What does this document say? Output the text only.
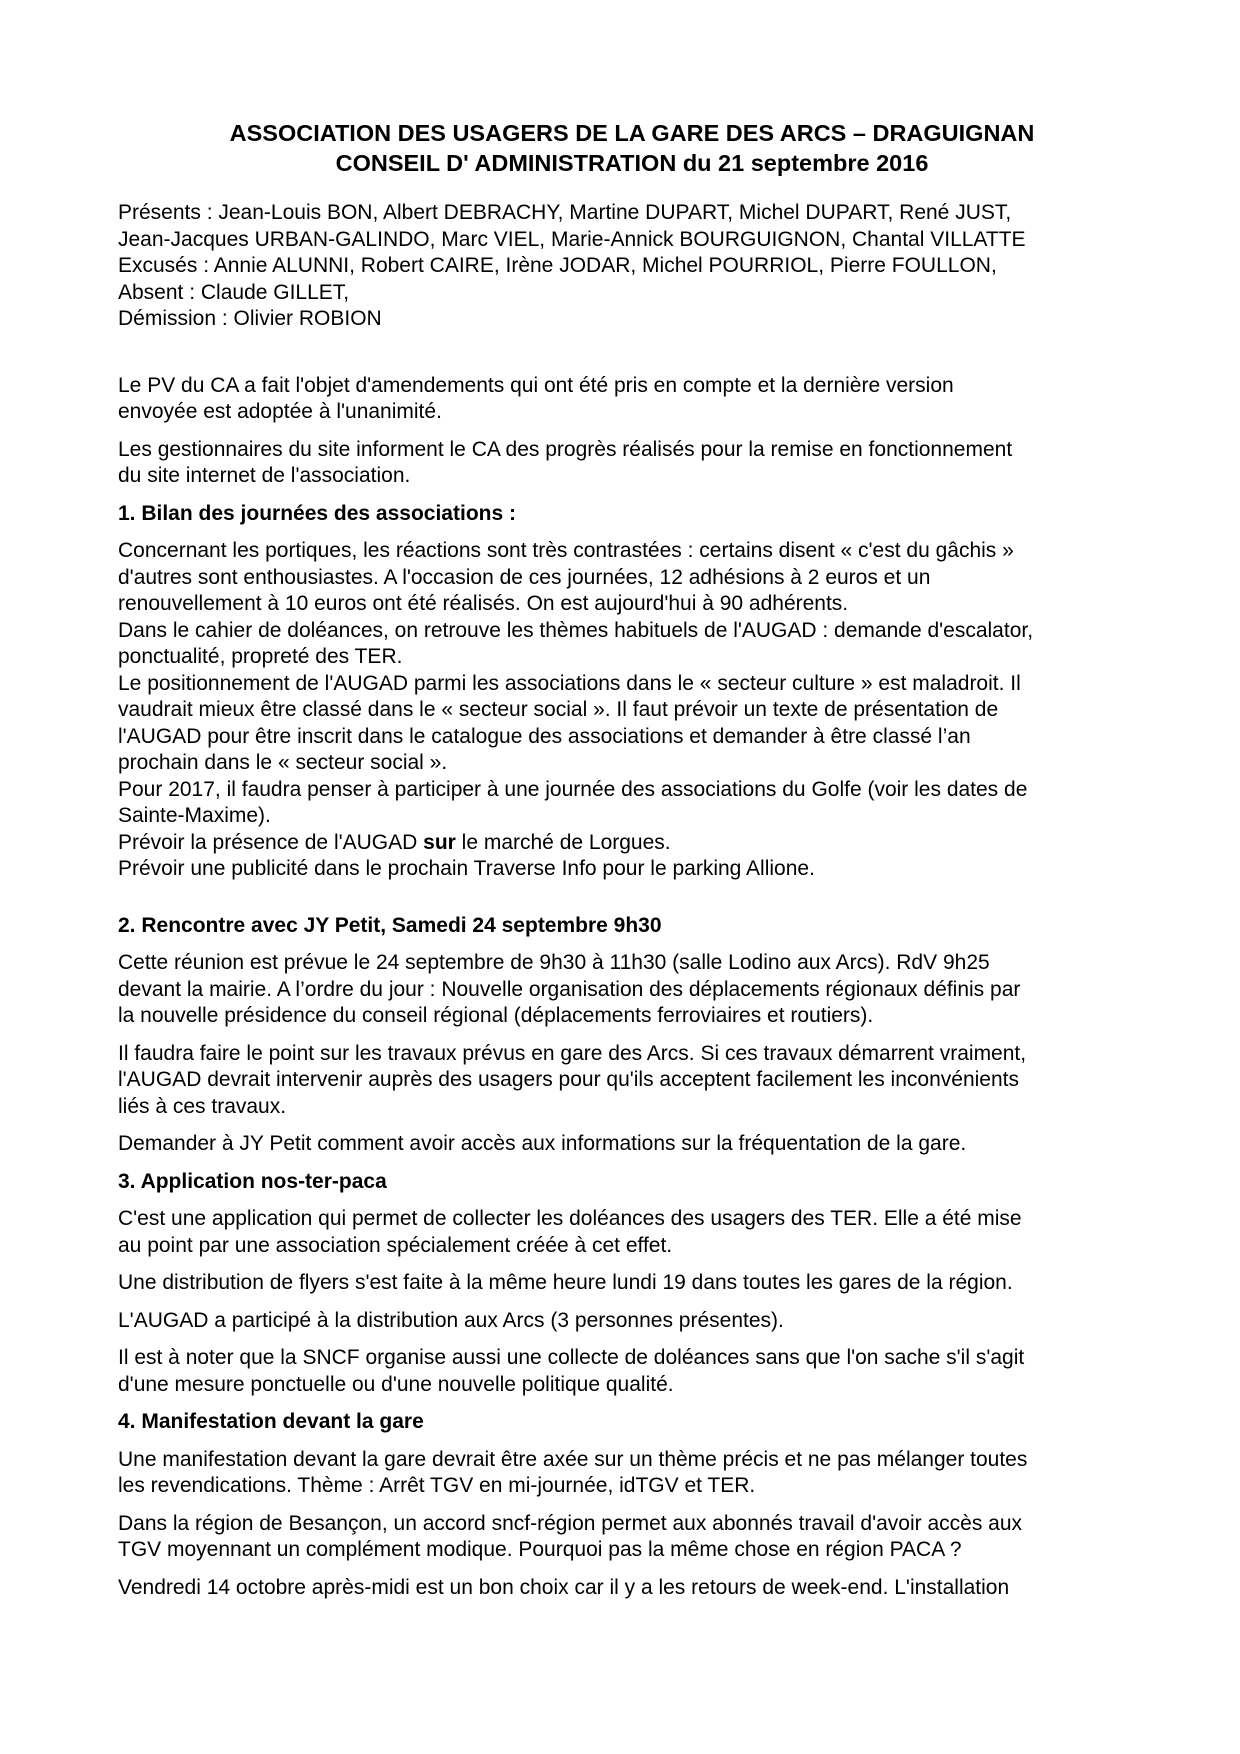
ASSOCIATION DES USAGERS DE LA GARE DES ARCS – DRAGUIGNAN
CONSEIL D' ADMINISTRATION du 21 septembre 2016
Présents : Jean-Louis BON, Albert DEBRACHY, Martine DUPART, Michel DUPART, René JUST,
Jean-Jacques URBAN-GALINDO, Marc VIEL, Marie-Annick BOURGUIGNON, Chantal VILLATTE
Excusés : Annie ALUNNI, Robert CAIRE, Irène JODAR, Michel POURRIOL, Pierre FOULLON,
Absent : Claude GILLET,
Démission : Olivier ROBION
Le PV du CA a fait l'objet d'amendements qui ont été pris en compte et la dernière version
envoyée est adoptée à l'unanimité.
Les gestionnaires du site informent le CA des progrès réalisés pour la remise en fonctionnement
du site internet de l'association.
1. Bilan des journées des associations :
Concernant les portiques, les réactions sont très contrastées : certains disent « c'est du gâchis »
d'autres sont enthousiastes. A l'occasion de ces journées, 12 adhésions à 2 euros et un
renouvellement à 10 euros ont été réalisés. On est aujourd'hui à 90 adhérents.
Dans le cahier de doléances, on retrouve les thèmes habituels de l'AUGAD : demande d'escalator,
ponctualité, propreté des TER.
Le positionnement de l'AUGAD parmi les associations dans le « secteur culture » est maladroit. Il
vaudrait mieux être classé dans le « secteur social ». Il faut prévoir un texte de présentation de
l'AUGAD pour être inscrit dans le catalogue des associations et demander à être classé l’an
prochain dans le « secteur social ».
Pour 2017, il faudra penser à participer à une journée des associations du Golfe (voir les dates de
Sainte-Maxime).
Prévoir la présence de l'AUGAD sur le marché de Lorgues.
Prévoir une publicité dans le prochain Traverse Info pour le parking Allione.
2. Rencontre avec JY Petit, Samedi 24 septembre 9h30
Cette réunion est prévue le 24 septembre de 9h30 à 11h30 (salle Lodino aux Arcs). RdV 9h25
devant la mairie. A l’ordre du jour : Nouvelle organisation des déplacements régionaux définis par
la nouvelle présidence du conseil régional (déplacements ferroviaires et routiers).
Il faudra faire le point sur les travaux prévus en gare des Arcs. Si ces travaux démarrent vraiment,
l'AUGAD devrait intervenir auprès des usagers pour qu'ils acceptent facilement les inconvénients
liés à ces travaux.
Demander à JY Petit comment avoir accès aux informations sur la fréquentation de la gare.
3. Application nos-ter-paca
C'est une application qui permet de collecter les doléances des usagers des TER. Elle a été mise
au point par une association spécialement créée à cet effet.
Une distribution de flyers s'est faite à la même heure lundi 19 dans toutes les gares de la région.
L'AUGAD a participé à la distribution aux Arcs (3 personnes présentes).
Il est à noter que la SNCF organise aussi une collecte de doléances sans que l'on sache s'il s'agit
d'une mesure ponctuelle ou d'une nouvelle politique qualité.
4. Manifestation devant la gare
Une manifestation devant la gare devrait être axée sur un thème précis et ne pas mélanger toutes
les revendications. Thème : Arrêt TGV en mi-journée, idTGV et TER.
Dans la région de Besançon, un accord sncf-région permet aux abonnés travail d'avoir accès aux
TGV moyennant un complément modique. Pourquoi pas la même chose en région PACA ?
Vendredi 14 octobre après-midi est un bon choix car il y a les retours de week-end. L'installation
